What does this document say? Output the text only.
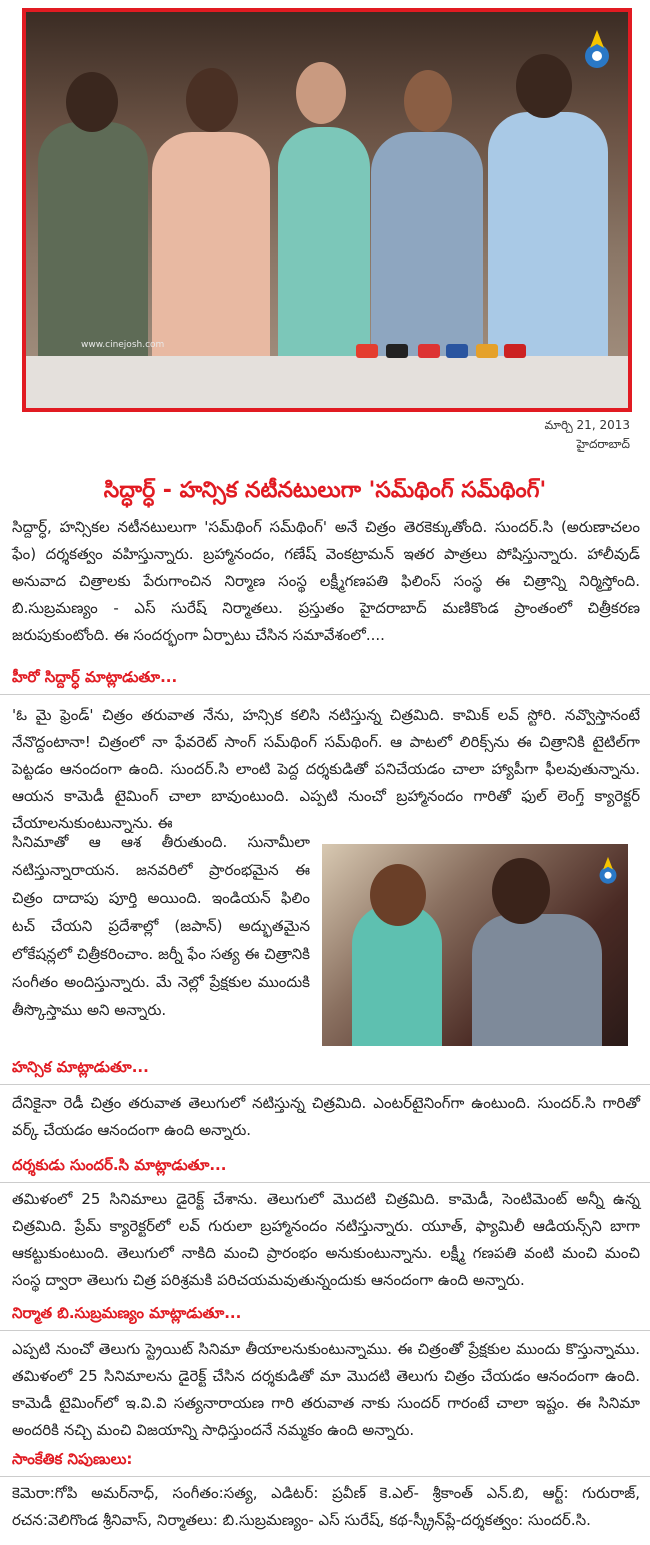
www.cinejosh.com
మార్చి 21, 2013
హైదరాబాద్
సిద్ధార్ధ్ - హన్సిక నటీనటులుగా 'సమ్‌థింగ్ సమ్‌థింగ్'
సిద్దార్ధ్, హన్సికల నటీనటులుగా 'సమ్‌థింగ్ సమ్‌థింగ్' అనే చిత్రం తెరకెక్కుతోంది. సుందర్.సి (అరుణాచలం ఫేం) దర్శకత్వం వహిస్తున్నారు. బ్రహ్మానందం, గణేష్ వెంకట్రామన్ ఇతర పాత్రలు పోషిస్తున్నారు. హాలీవుడ్ అనువాద చిత్రాలకు పేరుగాంచిన నిర్మాణ సంస్థ లక్ష్మీగణపతి ఫిలింస్ సంస్థ ఈ చిత్రాన్ని నిర్మిస్తోంది. బి.సుబ్రమణ్యం - ఎస్ సురేష్ నిర్మాతలు. ప్రస్తుతం హైదరాబాద్ మణికొండ ప్రాంతంలో చిత్రీకరణ జరుపుకుంటోంది. ఈ సందర్భంగా ఏర్పాటు చేసిన సమావేశంలో....
హీరో సిద్దార్ధ్ మాట్లాడుతూ...
'ఓ మై ఫ్రెండ్' చిత్రం తరువాత నేను, హన్సిక కలిసి నటిస్తున్న చిత్రమిది. కామిక్ లవ్ స్టోరి. నవ్వొస్తానంటే నేనొద్దంటానా! చిత్రంలో నా ఫేవరెట్ సాంగ్ సమ్‌థింగ్ సమ్‌థింగ్. ఆ పాటలో లిరిక్స్‌ను ఈ చిత్రానికి టైటిల్‌గా పెట్టడం ఆనందంగా ఉంది. సుందర్.సి లాంటి పెద్ద దర్శకుడితో పనిచేయడం చాలా హ్యాపీగా ఫీలవుతున్నాను. ఆయన కామెడీ టైమింగ్ చాలా బావుంటుంది. ఎప్పటి నుంచో బ్రహ్మానందం గారితో ఫుల్ లెంగ్త్ క్యారెక్టర్ చేయాలనుకుంటున్నాను. ఈ
సినిమాతో ఆ ఆశ తీరుతుంది. సునామీలా నటిస్తున్నారాయన. జనవరిలో ప్రారంభమైన ఈ చిత్రం దాదాపు పూర్తి అయింది. ఇండియన్ ఫిలిం టచ్ చేయని ప్రదేశాల్లో (జపాన్) అద్భుతమైన లోకేషన్లలో చిత్రీకరించాం. జర్నీ ఫేం సత్య ఈ చిత్రానికి సంగీతం అందిస్తున్నారు. మే నెల్లో ప్రేక్షకుల ముందుకి తీస్కొస్తాము అని అన్నారు.
హన్సిక మాట్లాడుతూ...
దేనికైనా రెడీ చిత్రం తరువాత తెలుగులో నటిస్తున్న చిత్రమిది. ఎంటర్‌టైనింగ్‌గా ఉంటుంది. సుందర్.సి గారితో వర్క్ చేయడం ఆనందంగా ఉంది అన్నారు.
దర్శకుడు సుందర్.సి మాట్లాడుతూ...
తమిళంలో 25 సినిమాలు డైరెక్ట్ చేశాను. తెలుగులో మొదటి చిత్రమిది. కామెడీ, సెంటిమెంట్ అన్నీ ఉన్న చిత్రమిది. ప్రేమ్ క్యారెక్టర్‌లో లవ్ గురులా బ్రహ్మానందం నటిస్తున్నారు. యూత్, ఫ్యామిలీ ఆడియన్స్‌ని బాగా ఆకట్టుకుంటుంది. తెలుగులో నాకిది మంచి ప్రారంభం అనుకుంటున్నాను. లక్ష్మీ గణపతి వంటి మంచి మంచి సంస్థ ద్వారా తెలుగు చిత్ర పరిశ్రమకి పరిచయమవుతున్నందుకు ఆనందంగా ఉంది అన్నారు.
నిర్మాత బి.సుబ్రమణ్యం మాట్లాడుతూ...
ఎప్పటి నుంచో తెలుగు స్ట్రెయిట్ సినిమా తీయాలనుకుంటున్నాము. ఈ చిత్రంతో ప్రేక్షకుల ముందు కొస్తున్నాము. తమిళంలో 25 సినిమాలను డైరెక్ట్ చేసిన దర్శకుడితో మా మొదటి తెలుగు చిత్రం చేయడం ఆనందంగా ఉంది. కామెడీ టైమింగ్‌లో ఇ.వి.వి సత్యనారాయణ గారి తరువాత నాకు సుందర్ గారంటే చాలా ఇష్టం. ఈ సినిమా అందరికి నచ్చి మంచి విజయాన్ని సాధిస్తుందనే నమ్మకం ఉంది అన్నారు.
సాంకేతిక నిపుణులు:
కెమెరా:గోపి అమర్‌నాధ్, సంగీతం:సత్య, ఎడిటర్: ప్రవీణ్ కె.ఎల్- శ్రీకాంత్ ఎన్.బి, ఆర్ట్: గురురాజ్, రచన:వెలిగొండ శ్రీనివాస్, నిర్మాతలు: బి.సుబ్రమణ్యం- ఎస్ సురేష్, కథ-స్క్రీన్‌ప్లే-దర్శకత్వం: సుందర్.సి.
